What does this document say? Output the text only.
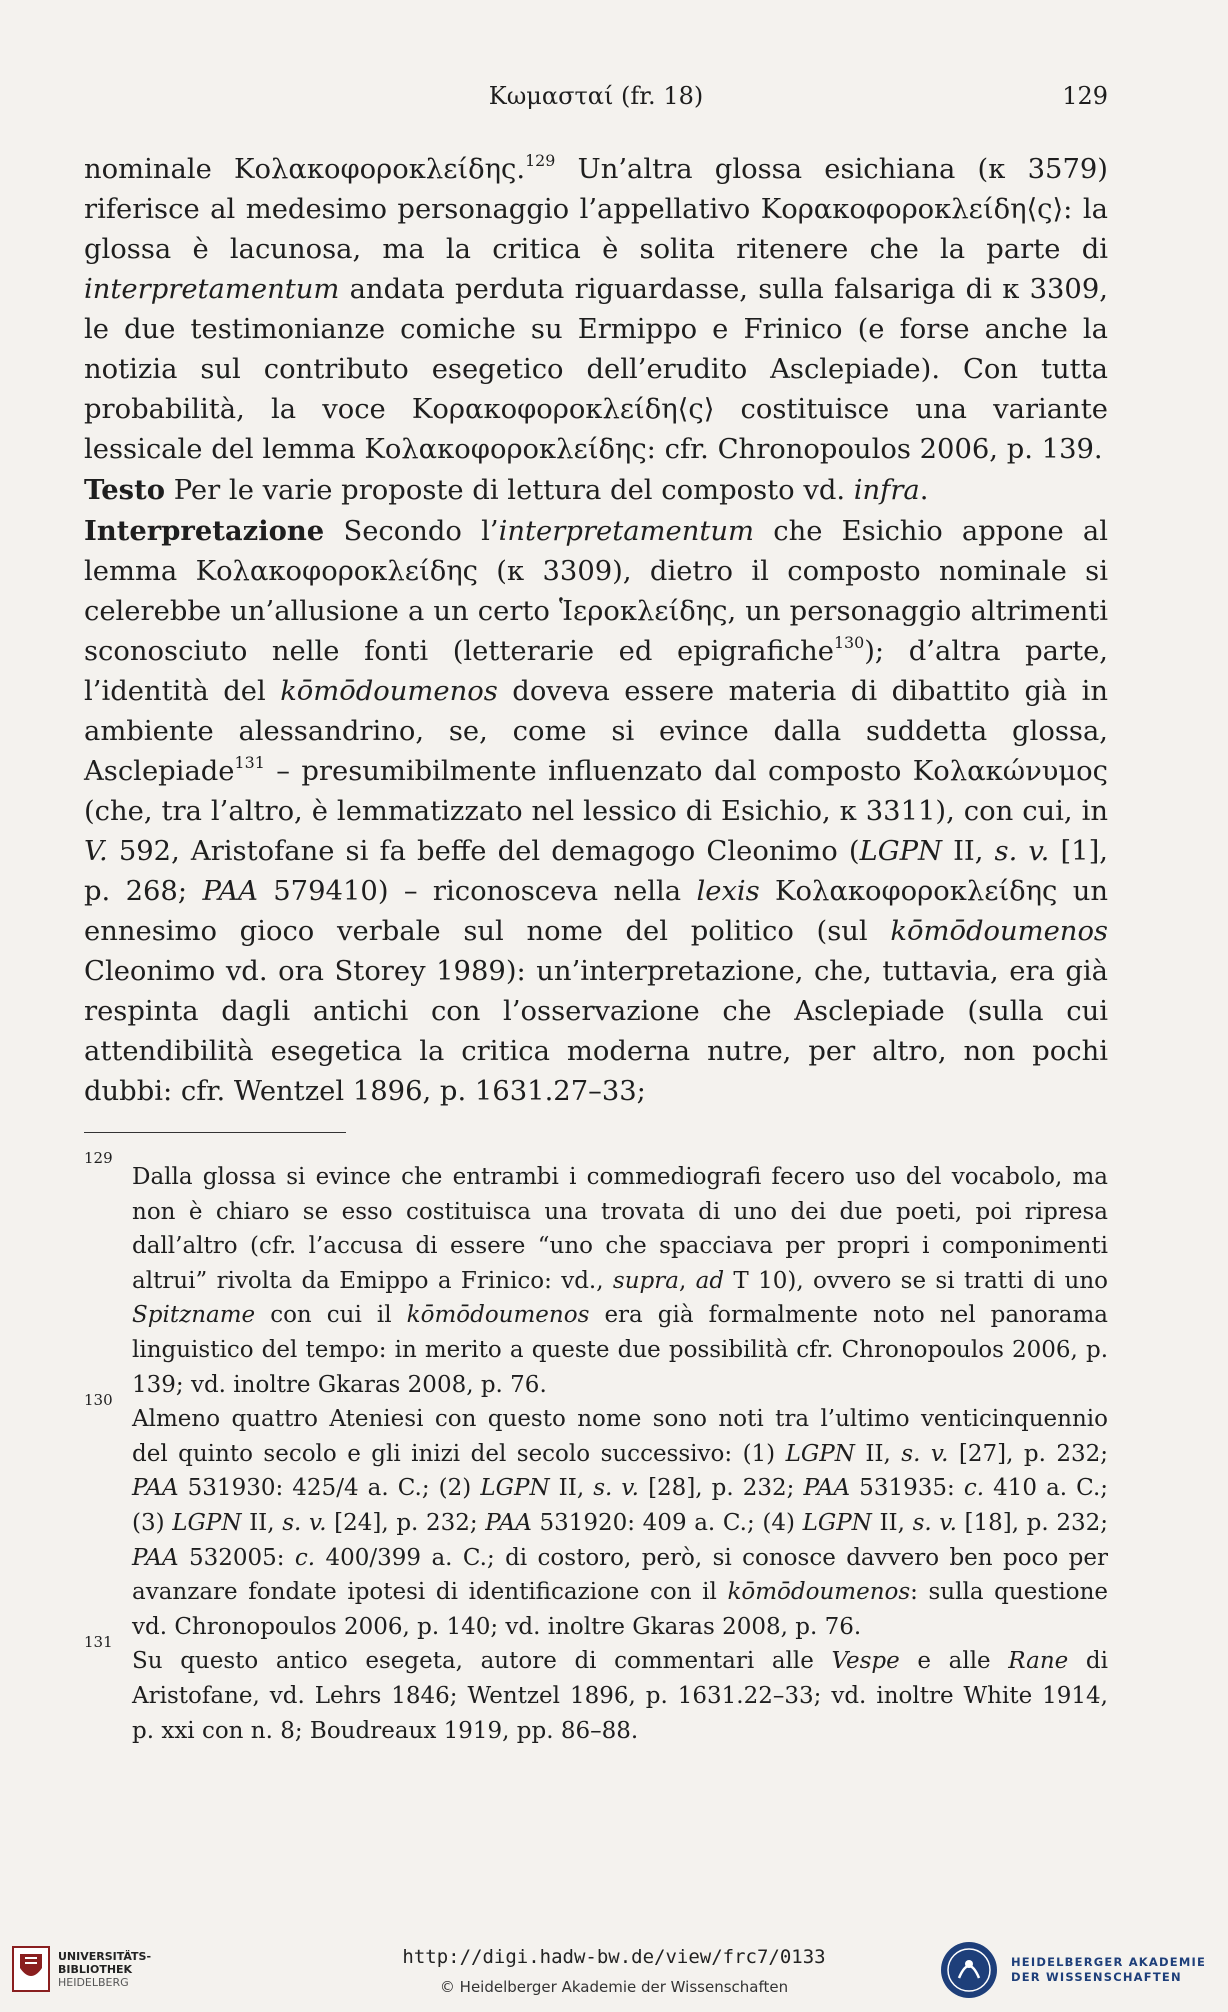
Κωμασταί (fr. 18)	129

nominale Κολακοφοροκλείδης.$^{129}$ Un’altra glossa esichiana (κ 3579) riferisce al medesimo personaggio l’appellativo Κορακοφοροκλείδη⟨ς⟩: la glossa è lacunosa, ma la critica è solita ritenere che la parte di interpretamentum andata perduta riguardasse, sulla falsariga di κ 3309, le due testimonianze comiche su Ermippo e Frinico (e forse anche la notizia sul contributo esegetico dell’erudito Asclepiade). Con tutta probabilità, la voce Κορακοφοροκλείδη⟨ς⟩ costituisce una variante lessicale del lemma Κολακοφοροκλείδης: cfr. Chronopoulos 2006, p. 139.

Testo Per le varie proposte di lettura del composto vd. infra.

Interpretazione Secondo l’interpretamentum che Esichio appone al lemma Κολακοφοροκλείδης (κ 3309), dietro il composto nominale si celerebbe un’allusione a un certo Ἱεροκλείδης, un personaggio altrimenti sconosciuto nelle fonti (letterarie ed epigrafiche$^{130}$); d’altra parte, l’identità del kōmōdoumenos doveva essere materia di dibattito già in ambiente alessandrino, se, come si evince dalla suddetta glossa, Asclepiade$^{131}$ – presumibilmente influenzato dal composto Κολακώνυμος (che, tra l’altro, è lemmatizzato nel lessico di Esichio, κ 3311), con cui, in V. 592, Aristofane si fa beffe del demagogo Cleonimo (LGPN II, s. v. [1], p. 268; PAA 579410) – riconosceva nella lexis Κολακοφοροκλείδης un ennesimo gioco verbale sul nome del politico (sul kōmōdoumenos Cleonimo vd. ora Storey 1989): un’interpretazione, che, tuttavia, era già respinta dagli antichi con l’osservazione che Asclepiade (sulla cui attendibilità esegetica la critica moderna nutre, per altro, non pochi dubbi: cfr. Wentzel 1896, p. 1631.27–33;

129
Dalla glossa si evince che entrambi i commediografi fecero uso del vocabolo, ma non è chiaro se esso costituisca una trovata di uno dei due poeti, poi ripresa dall’altro (cfr. l’accusa di essere “uno che spacciava per propri i componimenti altrui” rivolta da Emippo a Frinico: vd., supra, ad T 10), ovvero se si tratti di uno Spitzname con cui il kōmōdoumenos era già formalmente noto nel panorama linguistico del tempo: in merito a queste due possibilità cfr. Chronopoulos 2006, p. 139; vd. inoltre Gkaras 2008, p. 76.
130
Almeno quattro Ateniesi con questo nome sono noti tra l’ultimo venticinquennio del quinto secolo e gli inizi del secolo successivo: (1) LGPN II, s. v. [27], p. 232; PAA 531930: 425/4 a. C.; (2) LGPN II, s. v. [28], p. 232; PAA 531935: c. 410 a. C.; (3) LGPN II, s. v. [24], p. 232; PAA 531920: 409 a. C.; (4) LGPN II, s. v. [18], p. 232; PAA 532005: c. 400/399 a. C.; di costoro, però, si conosce davvero ben poco per avanzare fondate ipotesi di identificazione con il kōmōdoumenos: sulla questione vd. Chronopoulos 2006, p. 140; vd. inoltre Gkaras 2008, p. 76.
131
Su questo antico esegeta, autore di commentari alle Vespe e alle Rane di Aristofane, vd. Lehrs 1846; Wentzel 1896, p. 1631.22–33; vd. inoltre White 1914, p. xxi con n. 8; Boudreaux 1919, pp. 86–88.
UNIVERSITÄTS-
BIBLIOTHEK
HEIDELBERG
http://digi.hadw-bw.de/view/frc7/0133
© Heidelberger Akademie der Wissenschaften
HEIDELBERGER AKADEMIE
DER WISSENSCHAFTEN
